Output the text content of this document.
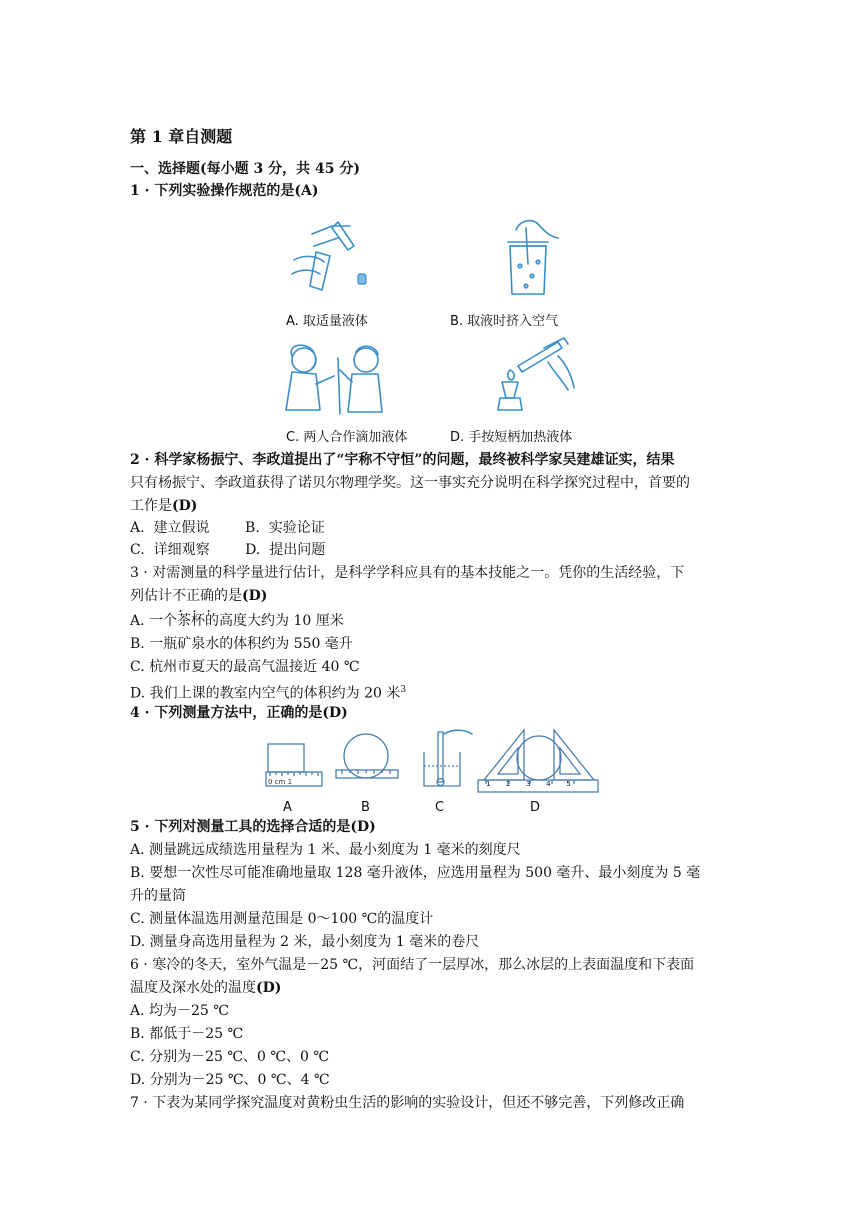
第 1 章自测题
一、选择题(每小题 3 分，共 45 分)
1 · 下列实验操作规范的是(A)
A. 取适量液体	B. 取液时挤入空气
C. 两人合作滴加液体	D. 手按短柄加热液体
2 · 科学家杨振宁、李政道提出了“宇称不守恒”的问题，最终被科学家吴建雄证实，结果
只有杨振宁、李政道获得了诺贝尔物理学奖。这一事实充分说明在科学探究过程中，首要的
工作是(D)
A.  建立假说        B.  实验论证
C.  详细观察        D.  提出问题
3 · 对需测量的科学量进行估计，是科学学科应具有的基本技能之一。凭你的生活经验，下
列估计不正确的是(D)
A. 一个茶杯的高度大约为 10 厘米
B. 一瓶矿泉水的体积约为 550 毫升
C. 杭州市夏天的最高气温接近 40 ℃
D. 我们上课的教室内空气的体积约为 20 米$^3$
4 · 下列测量方法中，正确的是(D)
0 cm 1	1 2 3 4 5
A	B	C	D
5 · 下列对测量工具的选择合适的是(D)
A. 测量跳远成绩选用量程为 1 米、最小刻度为 1 毫米的刻度尺
B. 要想一次性尽可能准确地量取 128 毫升液体，应选用量程为 500 毫升、最小刻度为 5 毫
升的量筒
C. 测量体温选用测量范围是 0～100 ℃的温度计
D. 测量身高选用量程为 2 米，最小刻度为 1 毫米的卷尺
6 · 寒冷的冬天，室外气温是－25 ℃，河面结了一层厚冰，那么冰层的上表面温度和下表面
温度及深水处的温度(D)
A. 均为－25 ℃
B. 都低于－25 ℃
C. 分别为－25 ℃、0 ℃、0 ℃
D. 分别为－25 ℃、0 ℃、4 ℃
7 · 下表为某同学探究温度对黄粉虫生活的影响的实验设计，但还不够完善，下列修改正确
